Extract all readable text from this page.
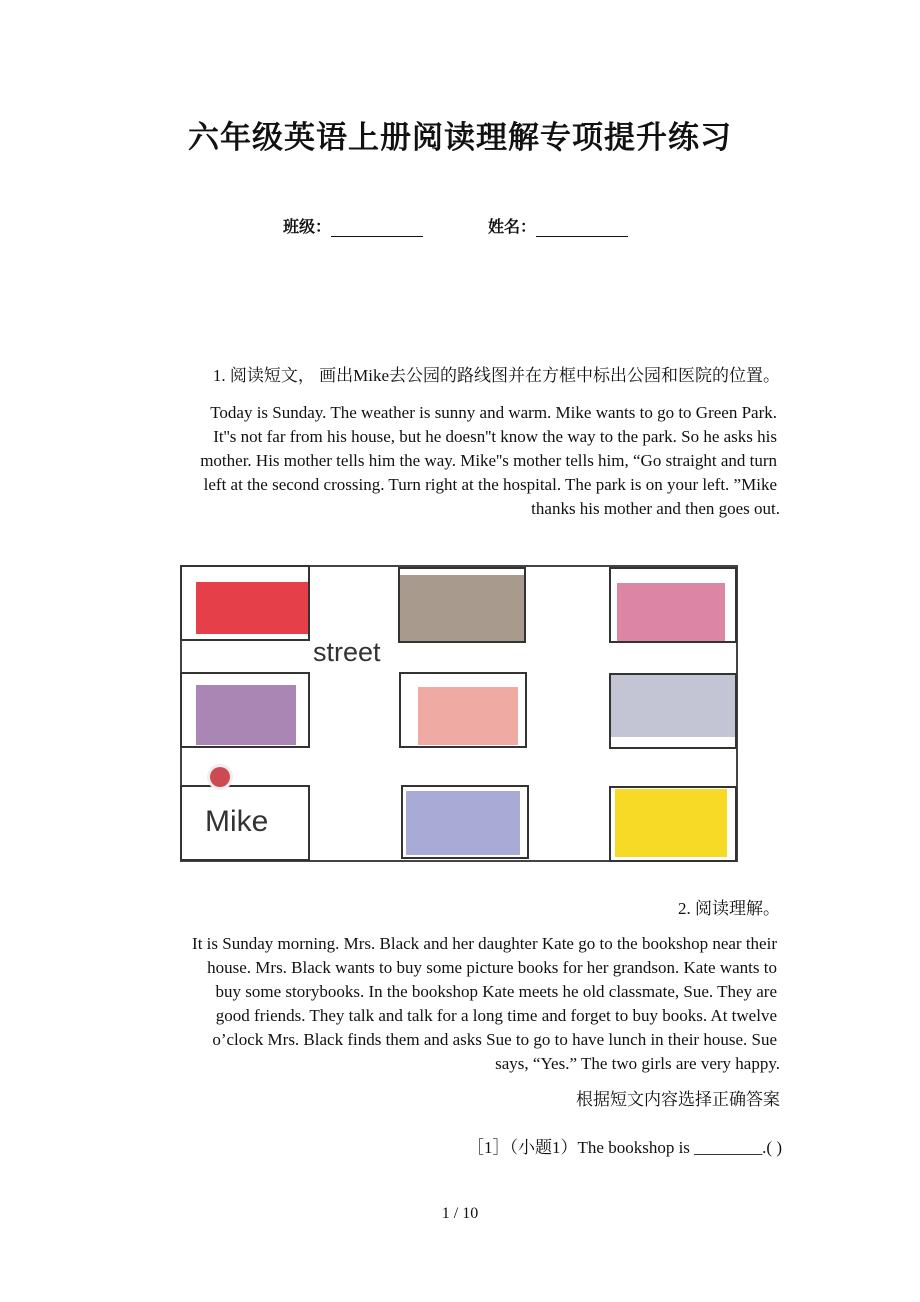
六年级英语上册阅读理解专项提升练习
班级：	姓名：
1. 阅读短文， 画出Mike去公园的路线图并在方框中标出公园和医院的位置。
Today is Sunday. The weather is sunny and warm. Mike wants to go to Green Park.
It''s not far from his house, but he doesn''t know the way to the park. So he asks his
mother. His mother tells him the way. Mike''s mother tells him, “Go straight and turn
left at the second crossing. Turn right at the hospital. The park is on your left. ”Mike
thanks his mother and then goes out.
street
Mike
2. 阅读理解。
It is Sunday morning. Mrs. Black and her daughter Kate go to the bookshop near their
house. Mrs. Black wants to buy some picture books for her grandson. Kate wants to
buy some storybooks. In the bookshop Kate meets he old classmate, Sue. They are
good friends. They talk and talk for a long time and forget to buy books. At twelve
o’clock Mrs. Black finds them and asks Sue to go to have lunch in their house. Sue
says, “Yes.” The two girls are very happy.
根据短文内容选择正确答案
［1］（小题1）The bookshop is ________.( )
1 / 10
